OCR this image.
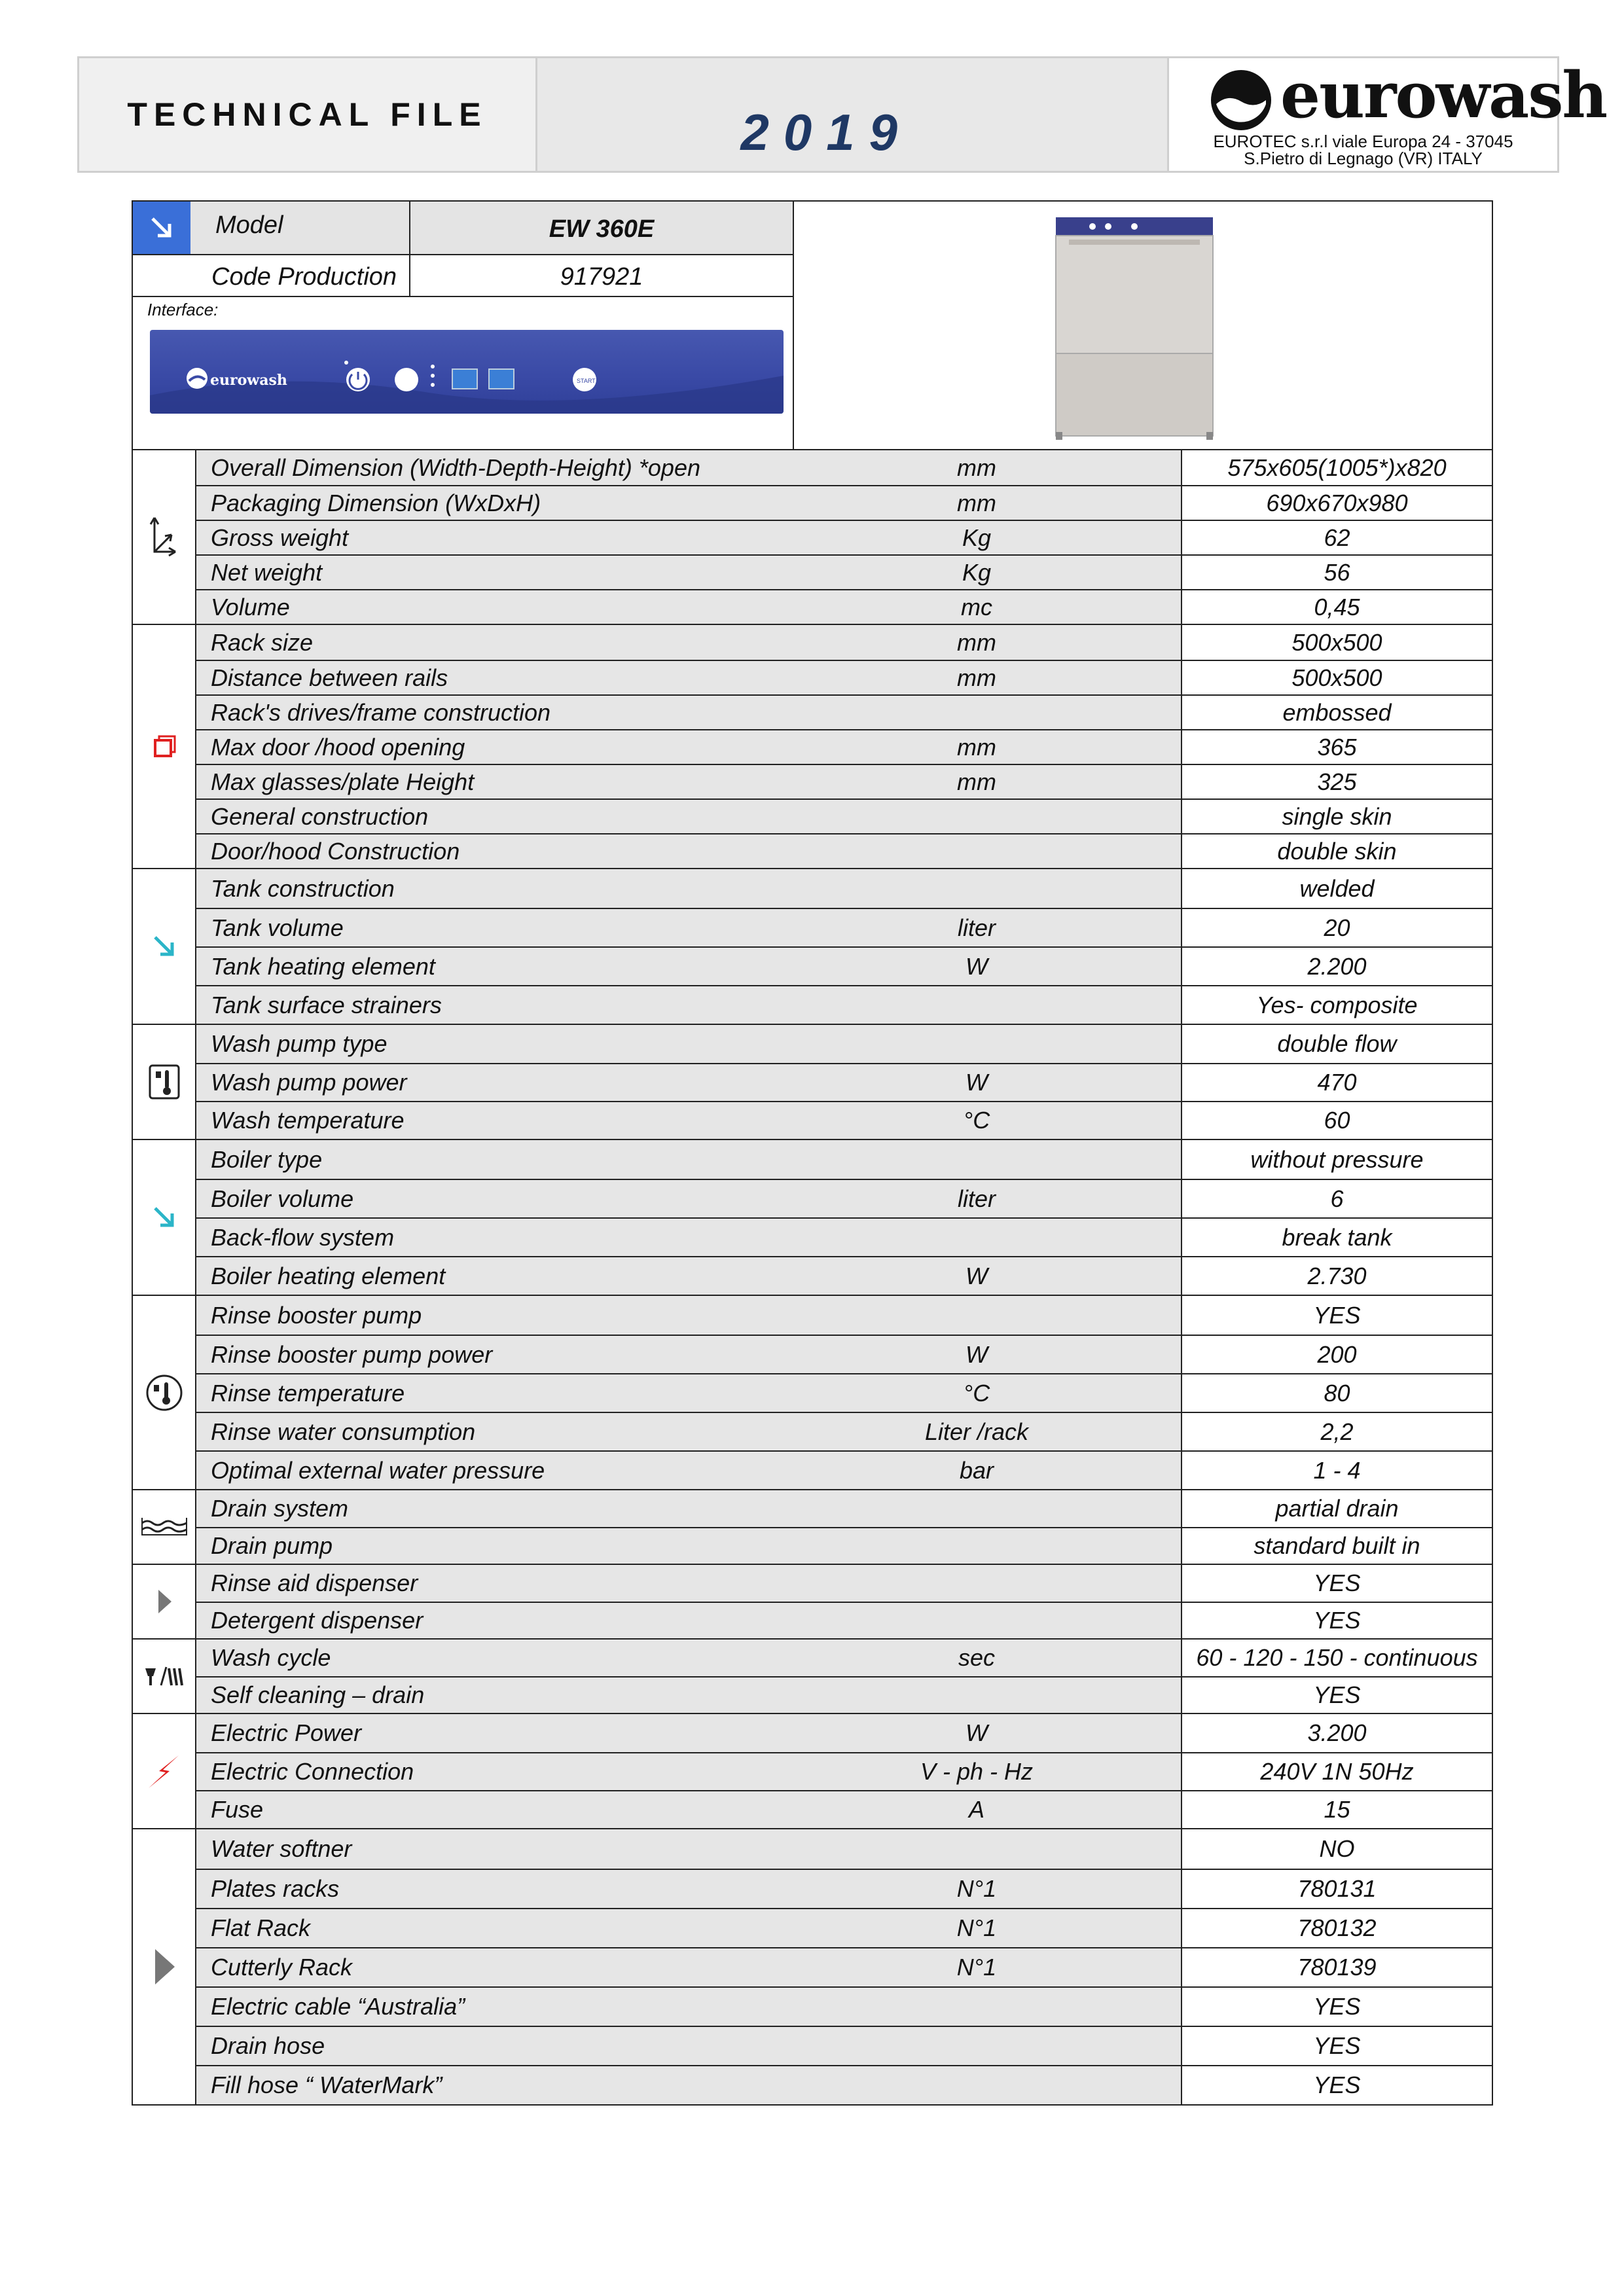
TECHNICAL FILE	2019	eurowash
EUROTEC s.r.l viale Europa 24 - 37045
S.Pietro di Legnago (VR) ITALY
Model	EW 360E
Code Production	917921
Interface:
eurowash	START
Overall Dimension (Width-Depth-Height) *open	mm	575x605(1005*)x820
Packaging Dimension (WxDxH)	mm	690x670x980
Gross weight	Kg	62
Net weight	Kg	56
Volume	mc	0,45
Rack size	mm	500x500
Distance between rails	mm	500x500
Rack's drives/frame construction	embossed
Max door /hood opening	mm	365
Max glasses/plate Height	mm	325
General construction	single skin
Door/hood Construction	double skin
Tank construction	welded
Tank volume	liter	20
Tank heating element	W	2.200
Tank surface strainers	Yes- composite
Wash pump type	double flow
Wash pump power	W	470
Wash temperature	°C	60
Boiler type	without pressure
Boiler volume	liter	6
Back-flow system	break tank
Boiler heating element	W	2.730
Rinse booster pump	YES
Rinse booster pump power	W	200
Rinse temperature	°C	80
Rinse water consumption	Liter /rack	2,2
Optimal external water pressure	bar	1 - 4
Drain system	partial drain
Drain pump	standard built in
Rinse aid dispenser	YES
Detergent dispenser	YES
Wash cycle	sec	60 - 120 - 150 - continuous
Self cleaning – drain	YES
Electric Power	W	3.200
Electric Connection	V - ph - Hz	240V 1N 50Hz
Fuse	A	15
Water softner	NO
Plates racks	N°1	780131
Flat Rack	N°1	780132
Cutterly Rack	N°1	780139
Electric cable “Australia”	YES
Drain hose	YES
Fill hose “ WaterMark”	YES
